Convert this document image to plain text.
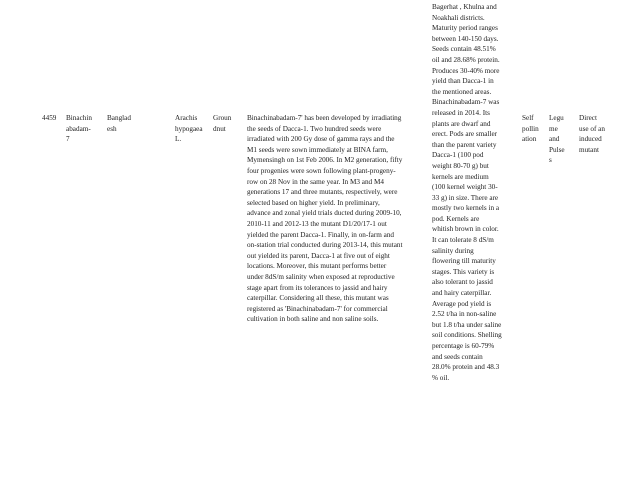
4459	Binachin
abadam-
7
Banglad
esh
Arachis
hypogaea
L.
Groun
dnut
Binachinabadam-7' has been developed by irradiating
the seeds of Dacca-1. Two hundred seeds were
irradiated with 200 Gy dose of gamma rays and the
M1 seeds were sown immediately at BINA farm,
Mymensingh on 1st Feb 2006. In M2 generation, fifty
four progenies were sown following plant-progeny-
row on 28 Nov in the same year. In M3 and M4
generations 17 and three mutants, respectively, were
selected based on higher yield. In preliminary,
advance and zonal yield trials ducted during 2009-10,
2010-11 and 2012-13 the mutant D1/20/17-1 out
yielded the parent Dacca-1. Finally, in on-farm and
on-station trial conducted during 2013-14, this mutant
out yielded its parent, Dacca-1 at five out of eight
locations. Moreover, this mutant performs better
under 8dS/m salinity when exposed at reproductive
stage apart from its tolerances to jassid and hairy
caterpillar. Considering all these, this mutant was
registered as 'Binachinabadam-7' for commercial
cultivation in both saline and non saline soils.
Bagerhat , Khulna and
Noakhali districts.
Maturity period ranges
between 140-150 days.
Seeds contain 48.51%
oil and 28.68% protein.
Produces 30-40% more
yield than Dacca-1 in
the mentioned areas.
Binachinabadam-7 was
released in 2014. Its
plants are dwarf and
erect. Pods are smaller
than the parent variety
Dacca-1 (100 pod
weight 80-70 g) but
kernels are medium
(100 kernel weight 30-
33 g) in size. There are
mostly two kernels in a
pod. Kernels are
whitish brown in color.
It can tolerate 8 dS/m
salinity during
flowering till maturity
stages. This variety is
also tolerant to jassid
and hairy caterpillar.
Average pod yield is
2.52 t/ha in non-saline
but 1.8 t/ha under saline
soil conditions. Shelling
percentage is 60-79%
and seeds contain
28.0% protein and 48.3
% oil.
Self
pollin
ation
Legu
me
and
Pulse
s
Direct
use of an
induced
mutant
